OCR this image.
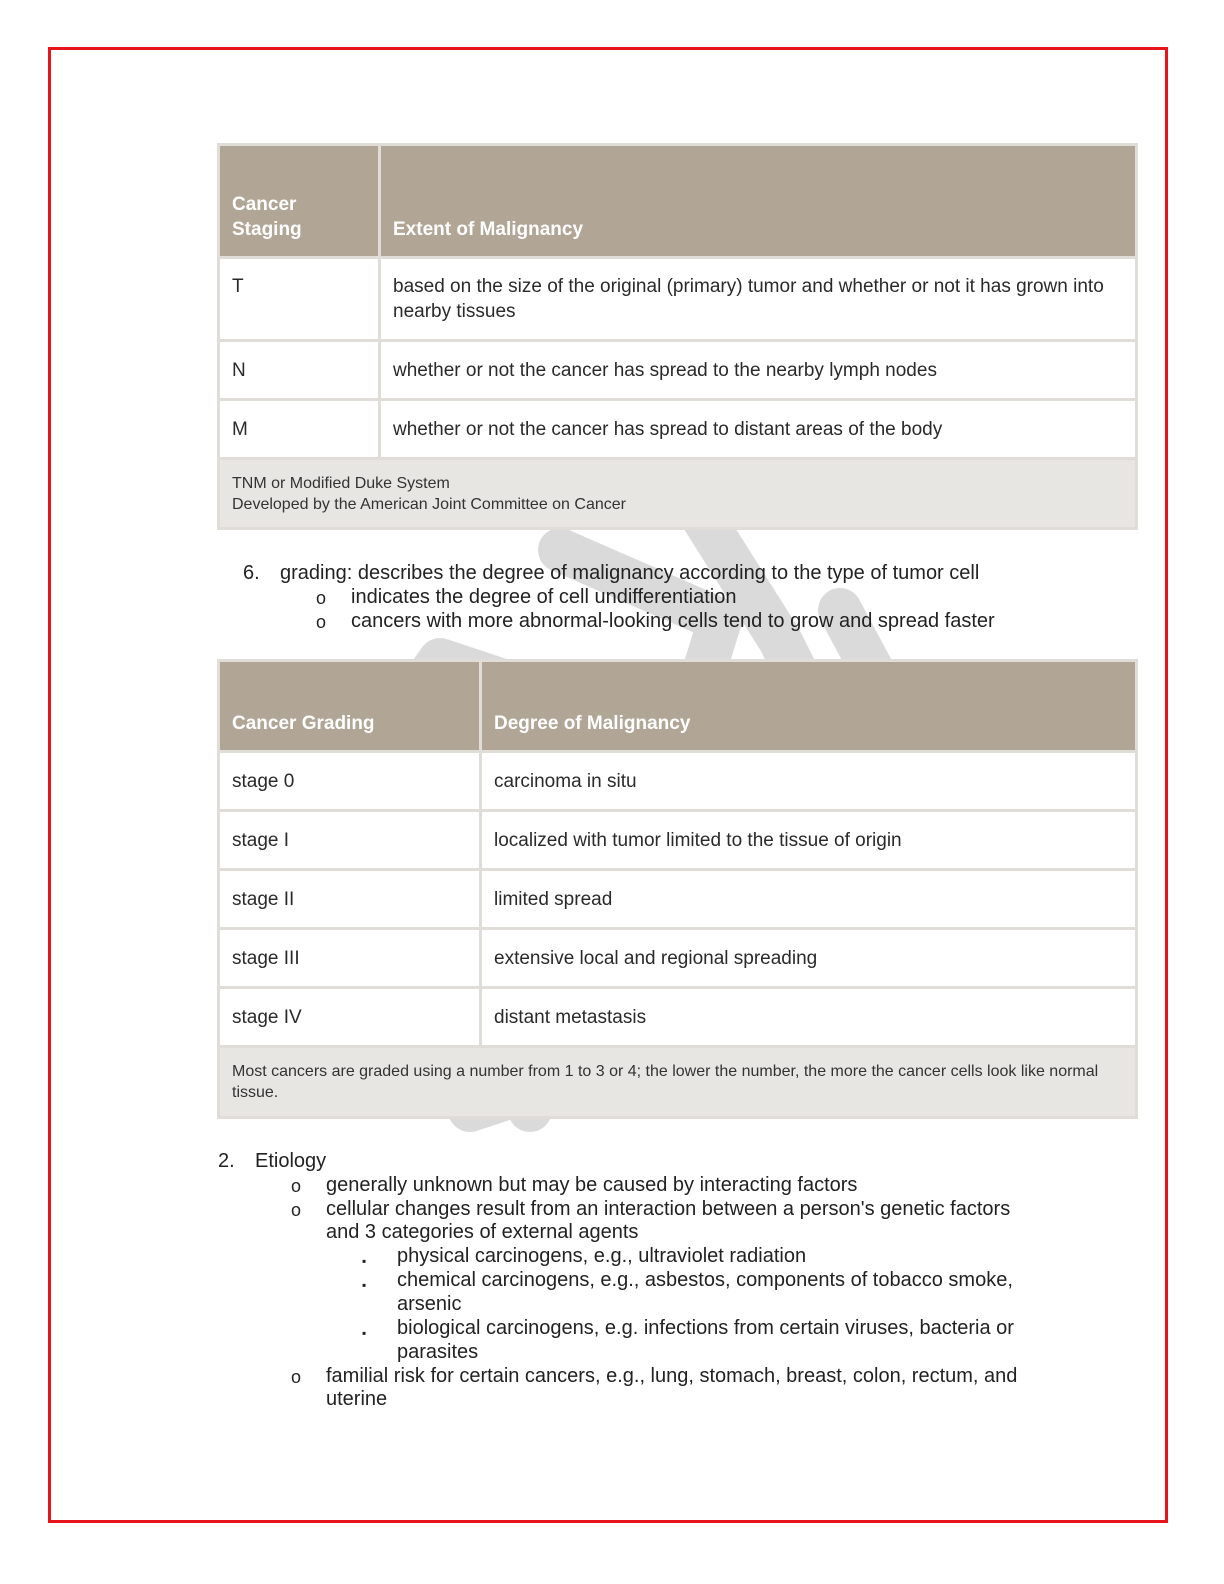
Cancer Staging	Extent of Malignancy
T	based on the size of the original (primary) tumor and whether or not it has grown into nearby tissues
N	whether or not the cancer has spread to the nearby lymph nodes
M	whether or not the cancer has spread to distant areas of the body

TNM or Modified Duke System
Developed by the American Joint Committee on Cancer	
6. grading: describes the degree of malignancy according to the type of tumor cell
o indicates the degree of cell undifferentiation
o cancers with more abnormal-looking cells tend to grow and spread faster
Cancer Grading	Degree of Malignancy
stage 0	carcinoma in situ
stage I	localized with tumor limited to the tissue of origin
stage II	limited spread
stage III	extensive local and regional spreading
stage IV	distant metastasis
Most cancers are graded using a number from 1 to 3 or 4; the lower the number, the more the cancer cells look like normal tissue.	
2. Etiology
o generally unknown but may be caused by interacting factors
o cellular changes result from an interaction between a person's genetic factors
and 3 categories of external agents
▪ physical carcinogens, e.g., ultraviolet radiation
▪ chemical carcinogens, e.g., asbestos, components of tobacco smoke,
arsenic
▪ biological carcinogens, e.g. infections from certain viruses, bacteria or
parasites
o familial risk for certain cancers, e.g., lung, stomach, breast, colon, rectum, and
uterine
